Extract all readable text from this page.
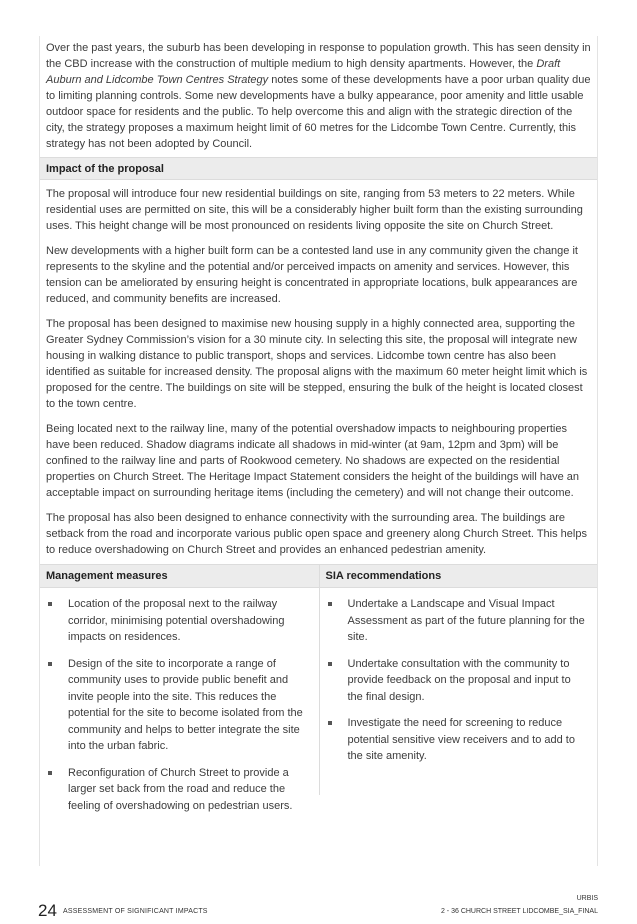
Over the past years, the suburb has been developing in response to population growth. This has seen density in the CBD increase with the construction of multiple medium to high density apartments. However, the Draft Auburn and Lidcombe Town Centres Strategy notes some of these developments have a poor urban quality due to limiting planning controls. Some new developments have a bulky appearance, poor amenity and little usable outdoor space for residents and the public. To help overcome this and align with the strategic direction of the city, the strategy proposes a maximum height limit of 60 metres for the Lidcombe Town Centre. Currently, this strategy has not been adopted by Council.

Impact of the proposal

The proposal will introduce four new residential buildings on site, ranging from 53 meters to 22 meters. While residential uses are permitted on site, this will be a considerably higher built form than the existing surrounding uses. This height change will be most pronounced on residents living opposite the site on Church Street.

New developments with a higher built form can be a contested land use in any community given the change it represents to the skyline and the potential and/or perceived impacts on amenity and services. However, this tension can be ameliorated by ensuring height is concentrated in appropriate locations, bulk appearances are reduced, and community benefits are increased.

The proposal has been designed to maximise new housing supply in a highly connected area, supporting the Greater Sydney Commission’s vision for a 30 minute city. In selecting this site, the proposal will integrate new housing in walking distance to public transport, shops and services. Lidcombe town centre has also been identified as suitable for increased density. The proposal aligns with the maximum 60 meter height limit which is proposed for the centre. The buildings on site will be stepped, ensuring the bulk of the height is located closest to the town centre.

Being located next to the railway line, many of the potential overshadow impacts to neighbouring properties have been reduced. Shadow diagrams indicate all shadows in mid-winter (at 9am, 12pm and 3pm) will be confined to the railway line and parts of Rookwood cemetery. No shadows are expected on the residential properties on Church Street. The Heritage Impact Statement considers the height of the buildings will have an acceptable impact on surrounding heritage items (including the cemetery) and will not change their outcome.

The proposal has also been designed to enhance connectivity with the surrounding area. The buildings are setback from the road and incorporate various public open space and greenery along Church Street. This helps to reduce overshadowing on Church Street and provides an enhanced pedestrian amenity.

Management measures
Location of the proposal next to the railway corridor, minimising potential overshadowing impacts on residences.
Design of the site to incorporate a range of community uses to provide public benefit and invite people into the site. This reduces the potential for the site to become isolated from the community and helps to better integrate the site into the urban fabric.
Reconfiguration of Church Street to provide a larger set back from the road and reduce the feeling of overshadowing on pedestrian users.
SIA recommendations
Undertake a Landscape and Visual Impact Assessment as part of the future planning for the site.
Undertake consultation with the community to provide feedback on the proposal and input to the final design.
Investigate the need for screening to reduce potential sensitive view receivers and to add to the site amenity.
24 ASSESSMENT OF SIGNIFICANT IMPACTS
URBIS
2 - 36 CHURCH STREET LIDCOMBE_SIA_FINAL
